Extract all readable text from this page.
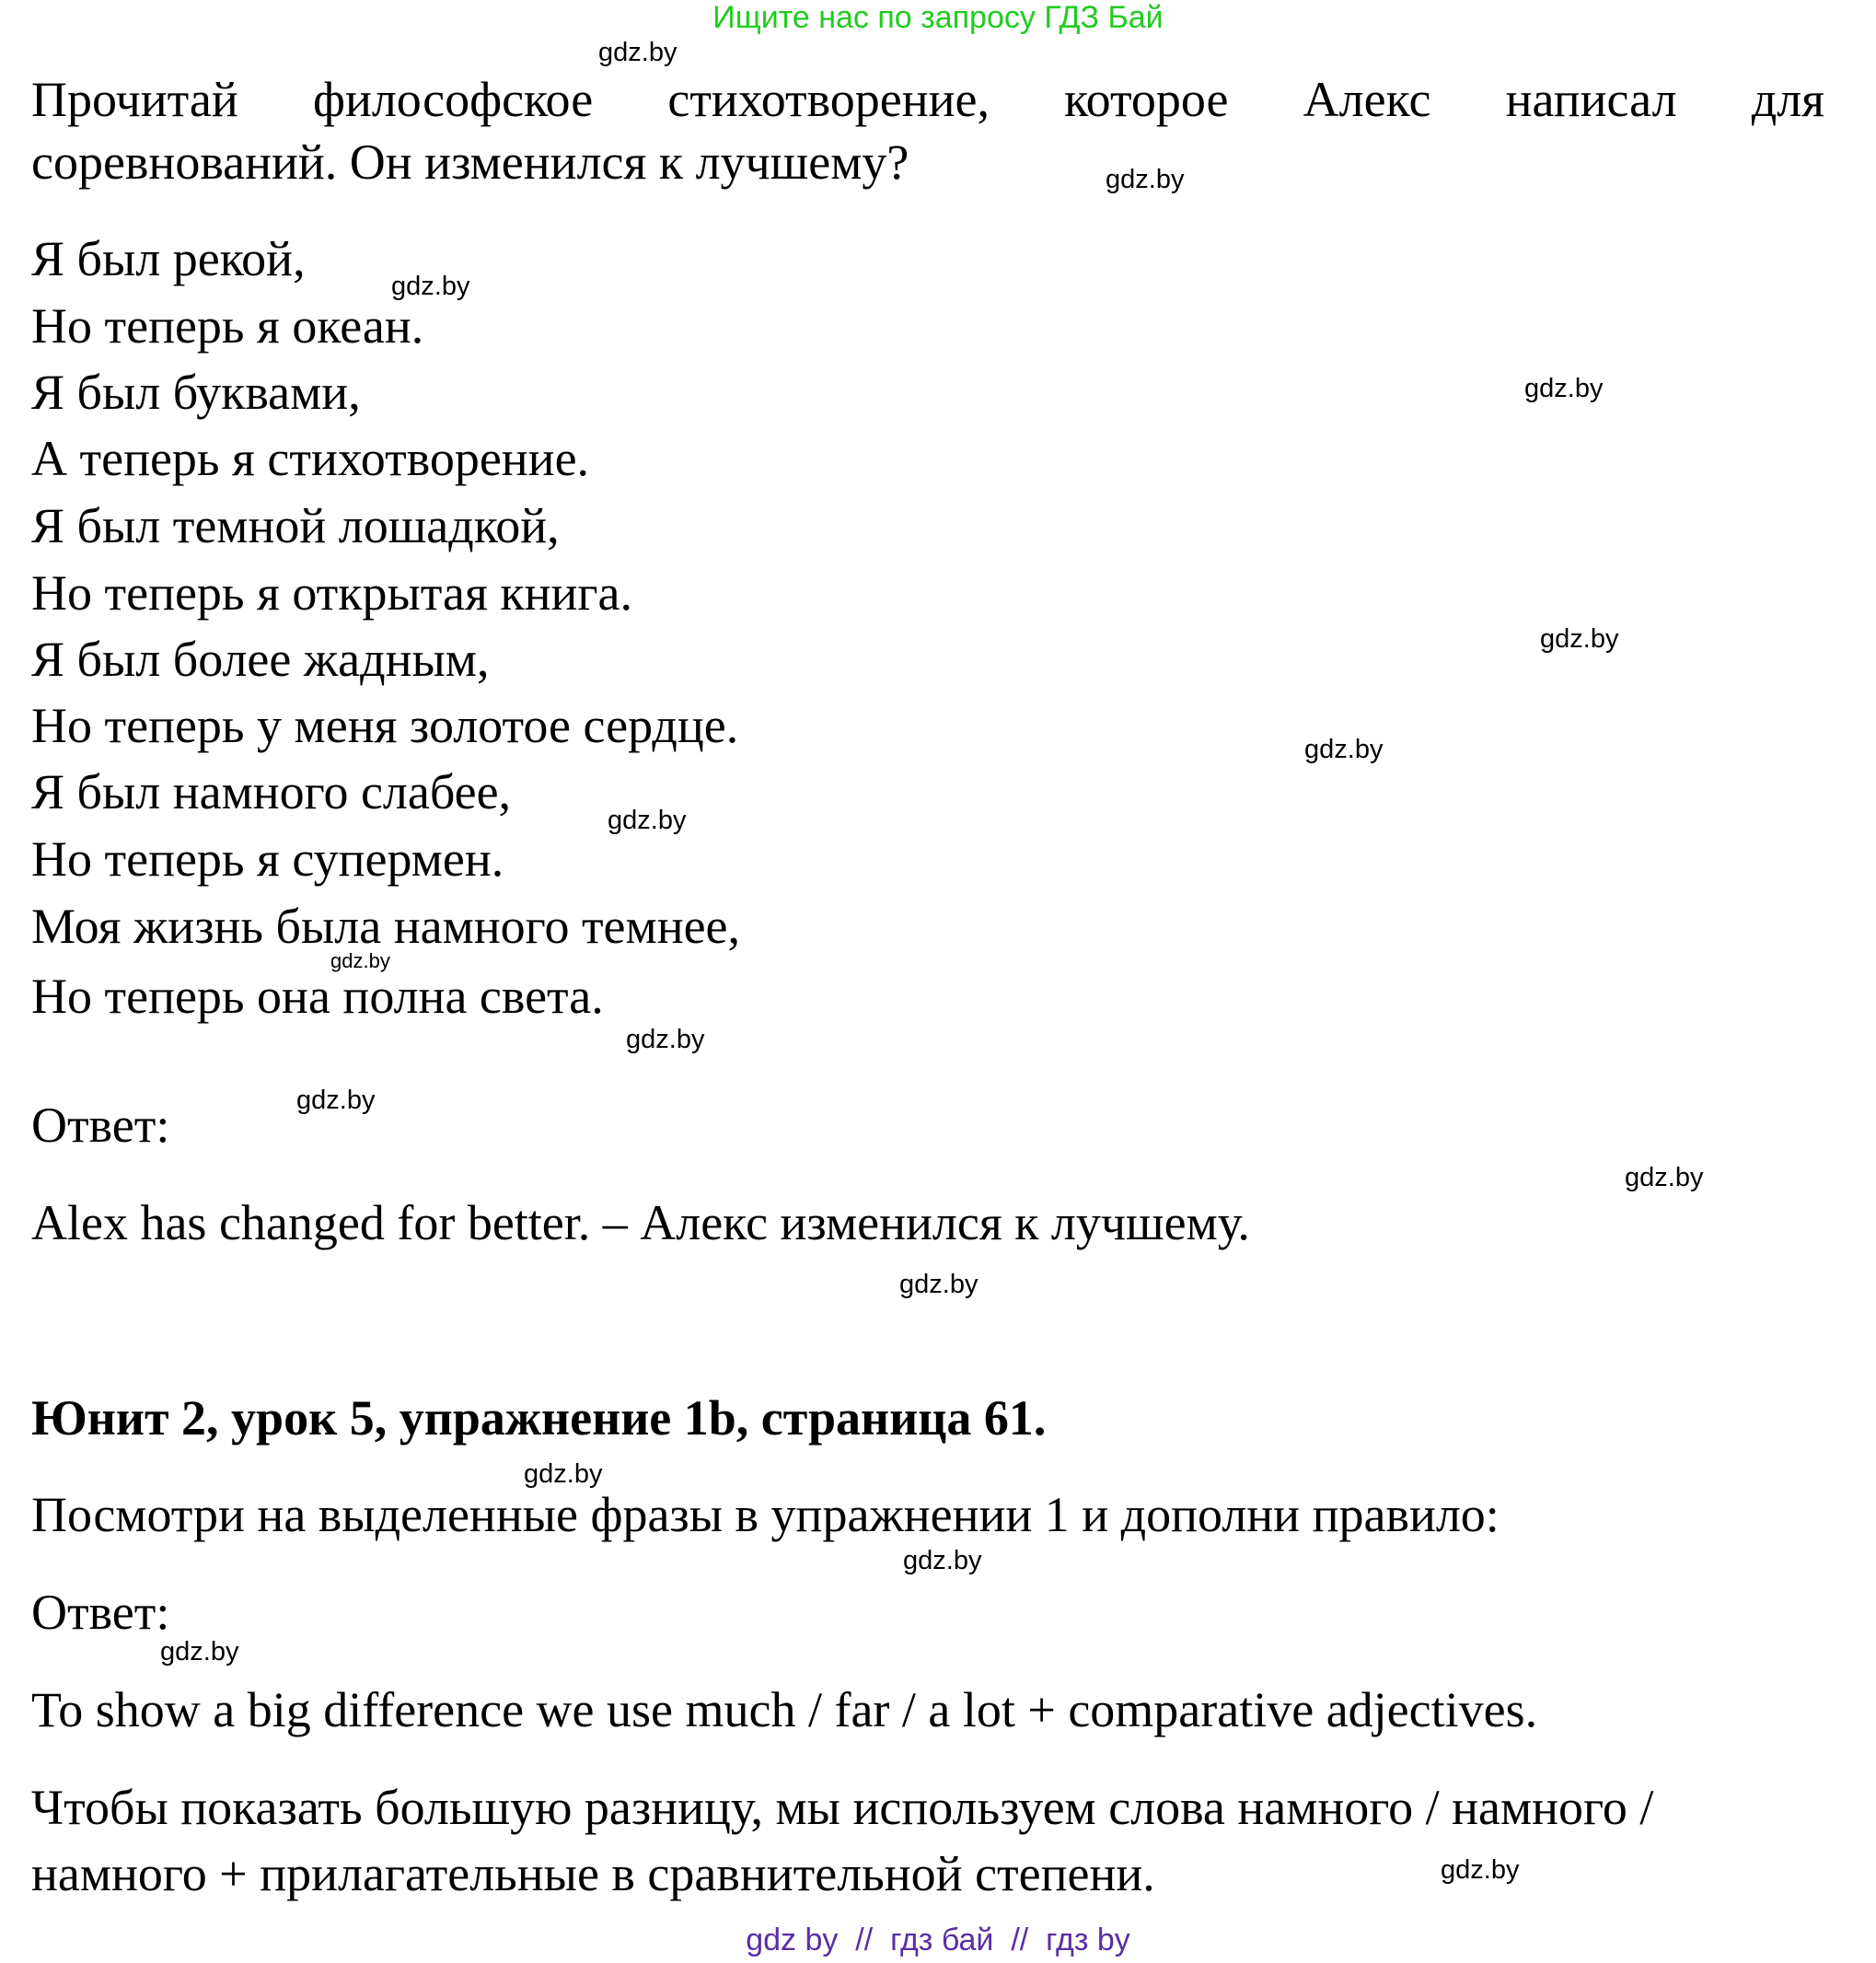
Ищите нас по запросу ГДЗ Бай
Прочитай философское стихотворение, которое Алекс написал для
соревнований. Он изменился к лучшему?
Я был рекой,
Но теперь я океан.
Я был буквами,
А теперь я стихотворение.
Я был темной лошадкой,
Но теперь я открытая книга.
Я был более жадным,
Но теперь у меня золотое сердце.
Я был намного слабее,
Но теперь я супермен.
Моя жизнь была намного темнее,
Но теперь она полна света.
Ответ:
Alex has changed for better. – Алекс изменился к лучшему.
Юнит 2, урок 5, упражнение 1b, страница 61.
Посмотри на выделенные фразы в упражнении 1 и дополни правило:
Ответ:
To show a big difference we use much / far / a lot + comparative adjectives.
Чтобы показать большую разницу, мы используем слова намного / намного /
намного + прилагательные в сравнительной степени.
gdz.by
gdz.by
gdz.by
gdz.by
gdz.by
gdz.by
gdz.by
gdz.by
gdz.by
gdz.by
gdz.by
gdz.by
gdz.by
gdz.by
gdz.by
gdz.by
gdz by  //  гдз бай  //  гдз by
